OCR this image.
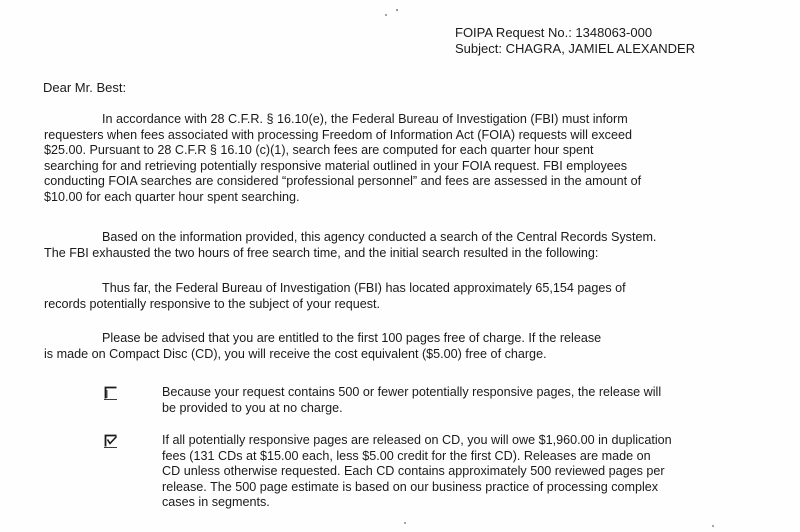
FOIPA Request No.: 1348063-000
Subject: CHAGRA, JAMIEL ALEXANDER
Dear Mr. Best:
In accordance with 28 C.F.R. § 16.10(e), the Federal Bureau of Investigation (FBI) must inform
requesters when fees associated with processing Freedom of Information Act (FOIA) requests will exceed
$25.00. Pursuant to 28 C.F.R § 16.10 (c)(1), search fees are computed for each quarter hour spent
searching for and retrieving potentially responsive material outlined in your FOIA request. FBI employees
conducting FOIA searches are considered “professional personnel” and fees are assessed in the amount of
$10.00 for each quarter hour spent searching.
Based on the information provided, this agency conducted a search of the Central Records System.
The FBI exhausted the two hours of free search time, and the initial search resulted in the following:
Thus far, the Federal Bureau of Investigation (FBI) has located approximately 65,154 pages of
records potentially responsive to the subject of your request.
Please be advised that you are entitled to the first 100 pages free of charge. If the release
is made on Compact Disc (CD), you will receive the cost equivalent ($5.00) free of charge.
Because your request contains 500 or fewer potentially responsive pages, the release will
be provided to you at no charge.
If all potentially responsive pages are released on CD, you will owe $1,960.00 in duplication
fees (131 CDs at $15.00 each, less $5.00 credit for the first CD). Releases are made on
CD unless otherwise requested. Each CD contains approximately 500 reviewed pages per
release. The 500 page estimate is based on our business practice of processing complex
cases in segments.
